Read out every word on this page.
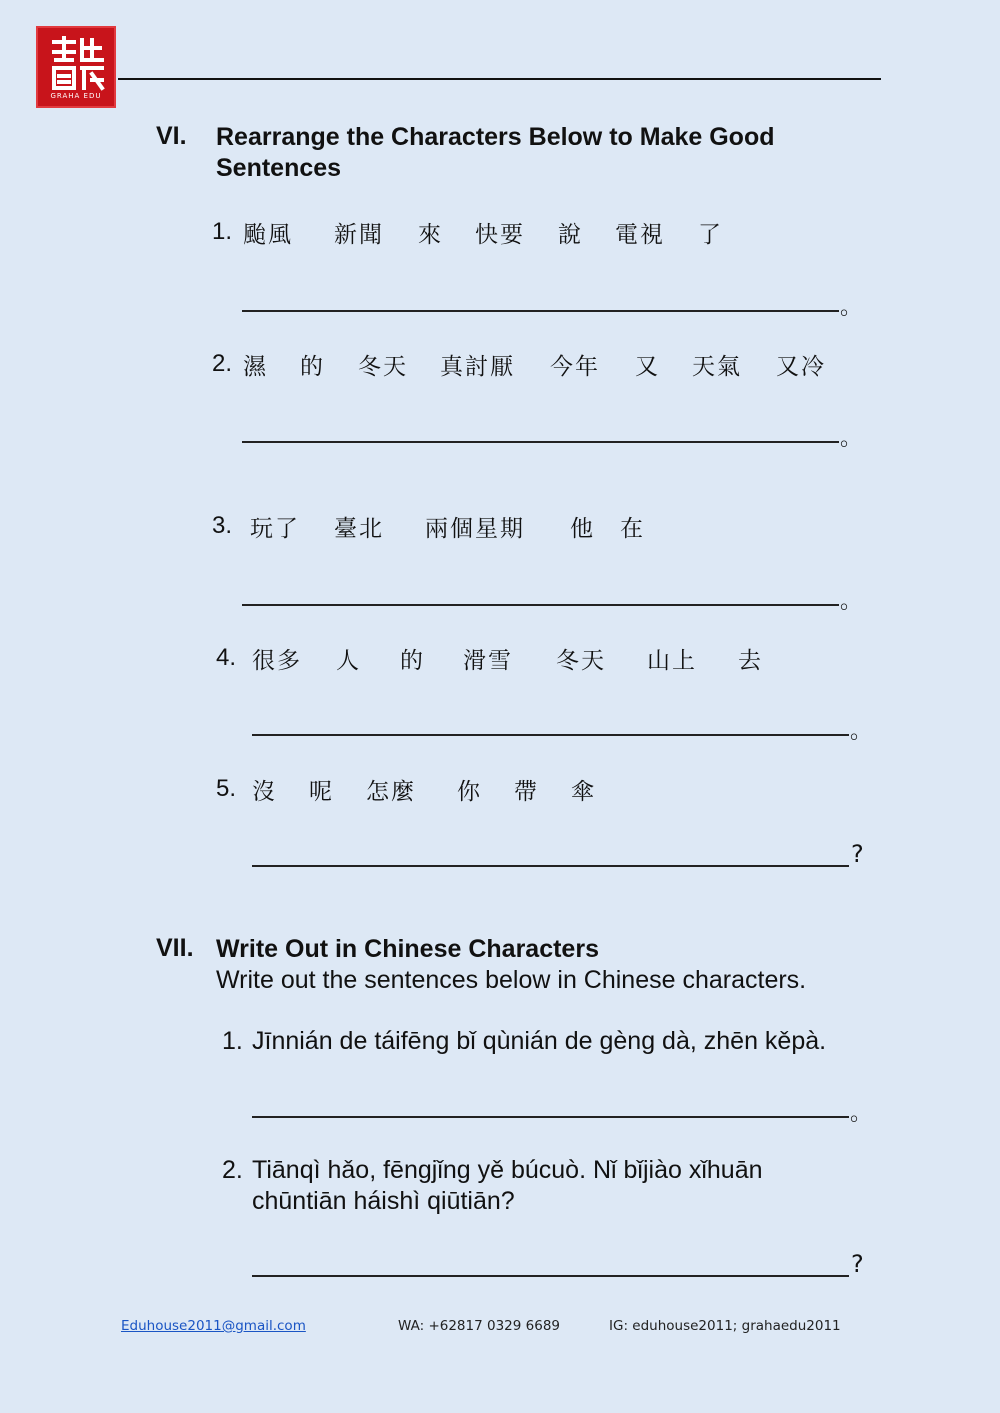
GRAHA EDU
VI. Rearrange the Characters Below to Make Good Sentences
1. 颱風 新聞 來 快要 說 電視 了
。
2. 濕 的 冬天 真討厭 今年 又 天氣 又冷
。
3. 玩了 臺北 兩個星期 他 在
。
4. 很多 人 的 滑雪 冬天 山上 去
。
5. 沒 呢 怎麼 你 帶 傘
?
VII. Write Out in Chinese Characters
Write out the sentences below in Chinese characters.
1. Jīnnián de táifēng bǐ qùnián de gèng dà, zhēn kěpà.
。
2. Tiānqì hǎo, fēngjǐng yě búcuò. Nǐ bǐjiào xǐhuān
chūntiān háishì qiūtiān?
?
Eduhouse2011@gmail.com	WA: +62817 0329 6689	IG: eduhouse2011; grahaedu2011
